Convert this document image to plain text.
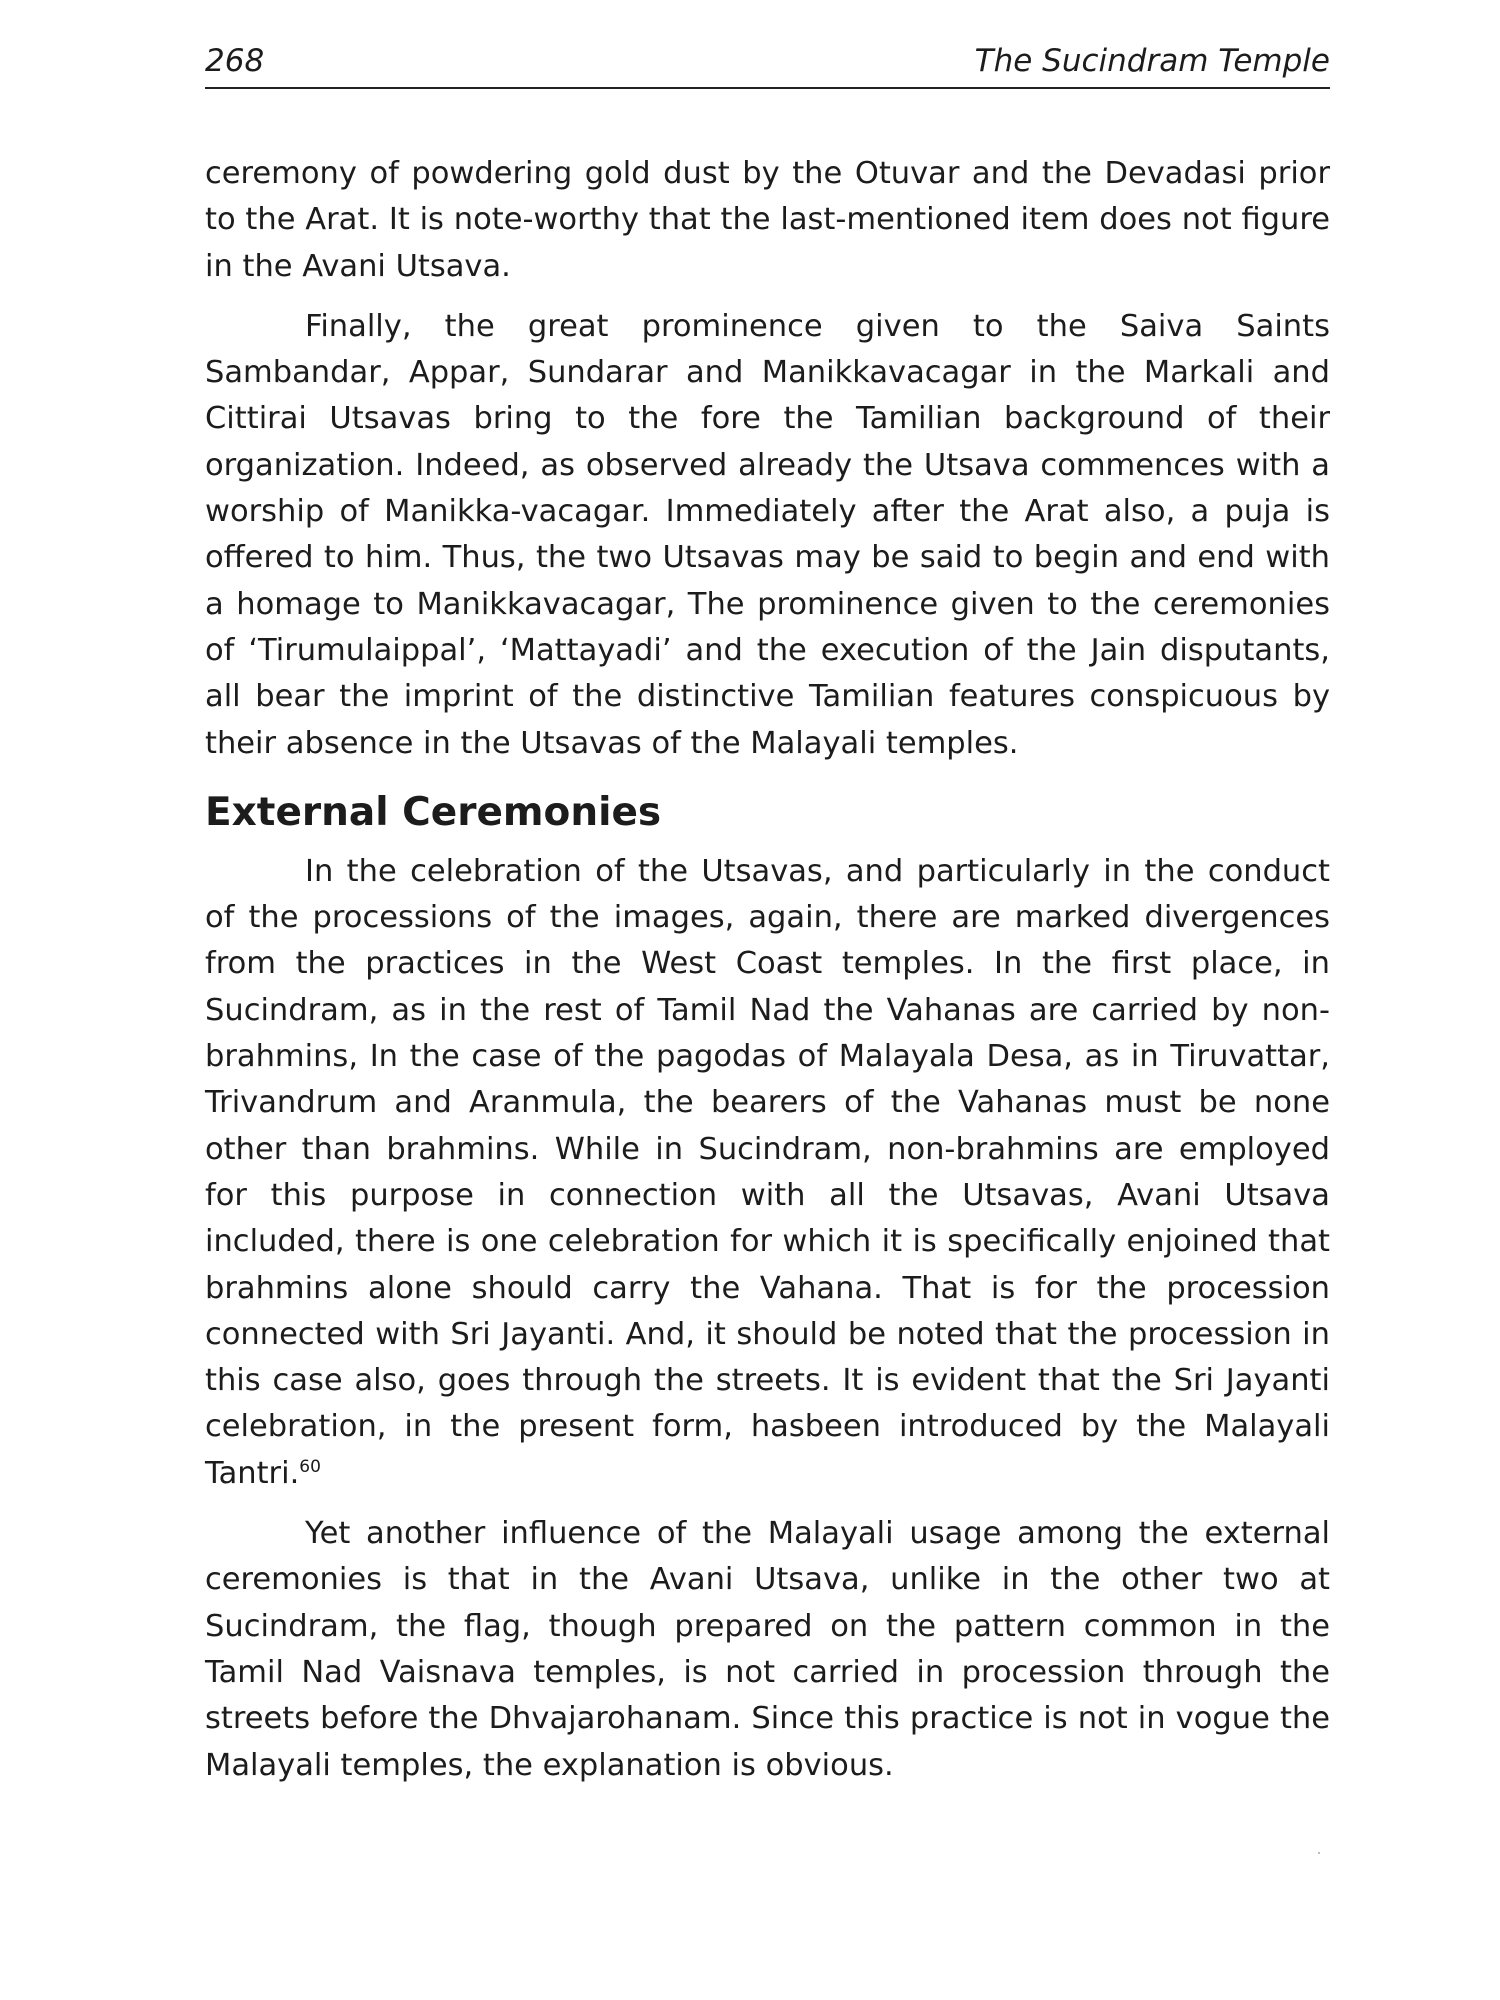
268	The Sucindram Temple

ceremony of powdering gold dust by the Otuvar and the Devadasi prior to the Arat. It is note-worthy that the last-mentioned item does not figure in the Avani Utsava.

Finally, the great prominence given to the Saiva Saints Sambandar, Appar, Sundarar and Manikkavacagar in the Markali and Cittirai Utsavas bring to the fore the Tamilian background of their organization. Indeed, as observed already the Utsava commences with a worship of Manikka-vacagar. Immediately after the Arat also, a puja is offered to him. Thus, the two Utsavas may be said to begin and end with a homage to Manikkavacagar, The prominence given to the ceremonies of ‘Tirumulaippal’, ‘Mattayadi’ and the execution of the Jain disputants, all bear the imprint of the distinctive Tamilian features conspicuous by their absence in the Utsavas of the Malayali temples.

External Ceremonies

In the celebration of the Utsavas, and particularly in the conduct of the processions of the images, again, there are marked divergences from the practices in the West Coast temples. In the first place, in Sucindram, as in the rest of Tamil Nad the Vahanas are carried by non-brahmins, In the case of the pagodas of Malayala Desa, as in Tiruvattar, Trivandrum and Aranmula, the bearers of the Vahanas must be none other than brahmins. While in Sucindram, non-brahmins are employed for this purpose in connection with all the Utsavas, Avani Utsava included, there is one celebration for which it is specifically enjoined that brahmins alone should carry the Vahana. That is for the procession connected with Sri Jayanti. And, it should be noted that the procession in this case also, goes through the streets. It is evident that the Sri Jayanti celebration, in the present form, hasbeen introduced by the Malayali Tantri.$^{60}$

Yet another influence of the Malayali usage among the external ceremonies is that in the Avani Utsava, unlike in the other two at Sucindram, the flag, though prepared on the pattern common in the Tamil Nad Vaisnava temples, is not carried in procession through the streets before the Dhvajarohanam. Since this practice is not in vogue the Malayali temples, the explanation is obvious.
